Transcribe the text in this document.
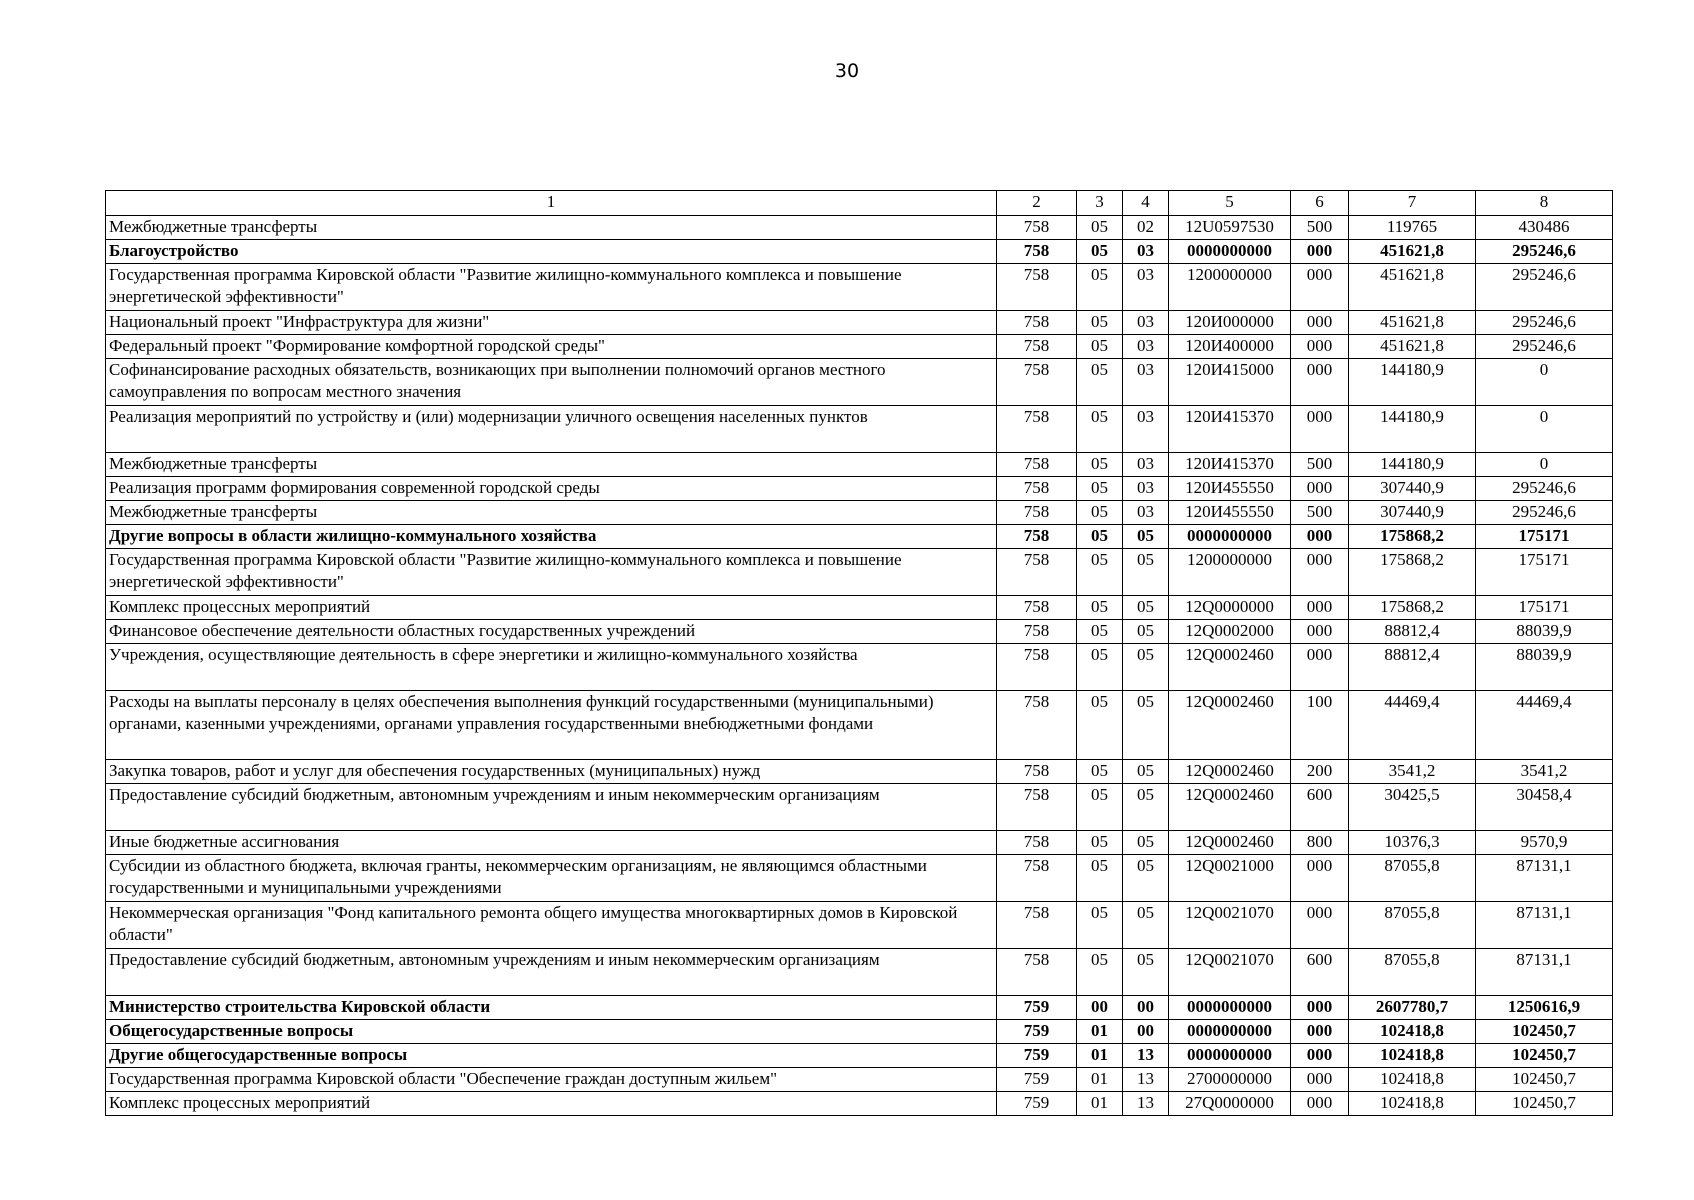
30
1	2	3	4	5	6	7	8
Межбюджетные трансферты	758	05	02	12U0597530	500	119765	430486
Благоустройство	758	05	03	0000000000	000	451621,8	295246,6
Государственная программа Кировской области "Развитие жилищно-коммунального комплекса и повышение энергетической эффективности"	758	05	03	1200000000	000	451621,8	295246,6
Национальный проект "Инфраструктура для жизни"	758	05	03	120И000000	000	451621,8	295246,6
Федеральный проект "Формирование комфортной городской среды"	758	05	03	120И400000	000	451621,8	295246,6
Софинансирование расходных обязательств, возникающих при выполнении полномочий органов местного самоуправления по вопросам местного значения	758	05	03	120И415000	000	144180,9	0
Реализация мероприятий по устройству и (или) модернизации уличного освещения населенных пунктов	758	05	03	120И415370	000	144180,9	0
Межбюджетные трансферты	758	05	03	120И415370	500	144180,9	0
Реализация программ формирования современной городской среды	758	05	03	120И455550	000	307440,9	295246,6
Межбюджетные трансферты	758	05	03	120И455550	500	307440,9	295246,6
Другие вопросы в области жилищно-коммунального хозяйства	758	05	05	0000000000	000	175868,2	175171
Государственная программа Кировской области "Развитие жилищно-коммунального комплекса и повышение энергетической эффективности"	758	05	05	1200000000	000	175868,2	175171
Комплекс процессных мероприятий	758	05	05	12Q0000000	000	175868,2	175171
Финансовое обеспечение деятельности областных государственных учреждений	758	05	05	12Q0002000	000	88812,4	88039,9
Учреждения, осуществляющие деятельность в сфере энергетики и жилищно-коммунального хозяйства	758	05	05	12Q0002460	000	88812,4	88039,9
Расходы на выплаты персоналу в целях обеспечения выполнения функций государственными (муниципальными) органами, казенными учреждениями, органами управления государственными внебюджетными фондами	758	05	05	12Q0002460	100	44469,4	44469,4
Закупка товаров, работ и услуг для обеспечения государственных (муниципальных) нужд	758	05	05	12Q0002460	200	3541,2	3541,2
Предоставление субсидий бюджетным, автономным учреждениям и иным некоммерческим организациям	758	05	05	12Q0002460	600	30425,5	30458,4
Иные бюджетные ассигнования	758	05	05	12Q0002460	800	10376,3	9570,9
Субсидии из областного бюджета, включая гранты, некоммерческим организациям, не являющимся областными государственными и муниципальными учреждениями	758	05	05	12Q0021000	000	87055,8	87131,1
Некоммерческая организация "Фонд капитального ремонта общего имущества многоквартирных домов в Кировской области"	758	05	05	12Q0021070	000	87055,8	87131,1
Предоставление субсидий бюджетным, автономным учреждениям и иным некоммерческим организациям	758	05	05	12Q0021070	600	87055,8	87131,1
Министерство строительства Кировской области	759	00	00	0000000000	000	2607780,7	1250616,9
Общегосударственные вопросы	759	01	00	0000000000	000	102418,8	102450,7
Другие общегосударственные вопросы	759	01	13	0000000000	000	102418,8	102450,7
Государственная программа Кировской области "Обеспечение граждан доступным жильем"	759	01	13	2700000000	000	102418,8	102450,7
Комплекс процессных мероприятий	759	01	13	27Q0000000	000	102418,8	102450,7
